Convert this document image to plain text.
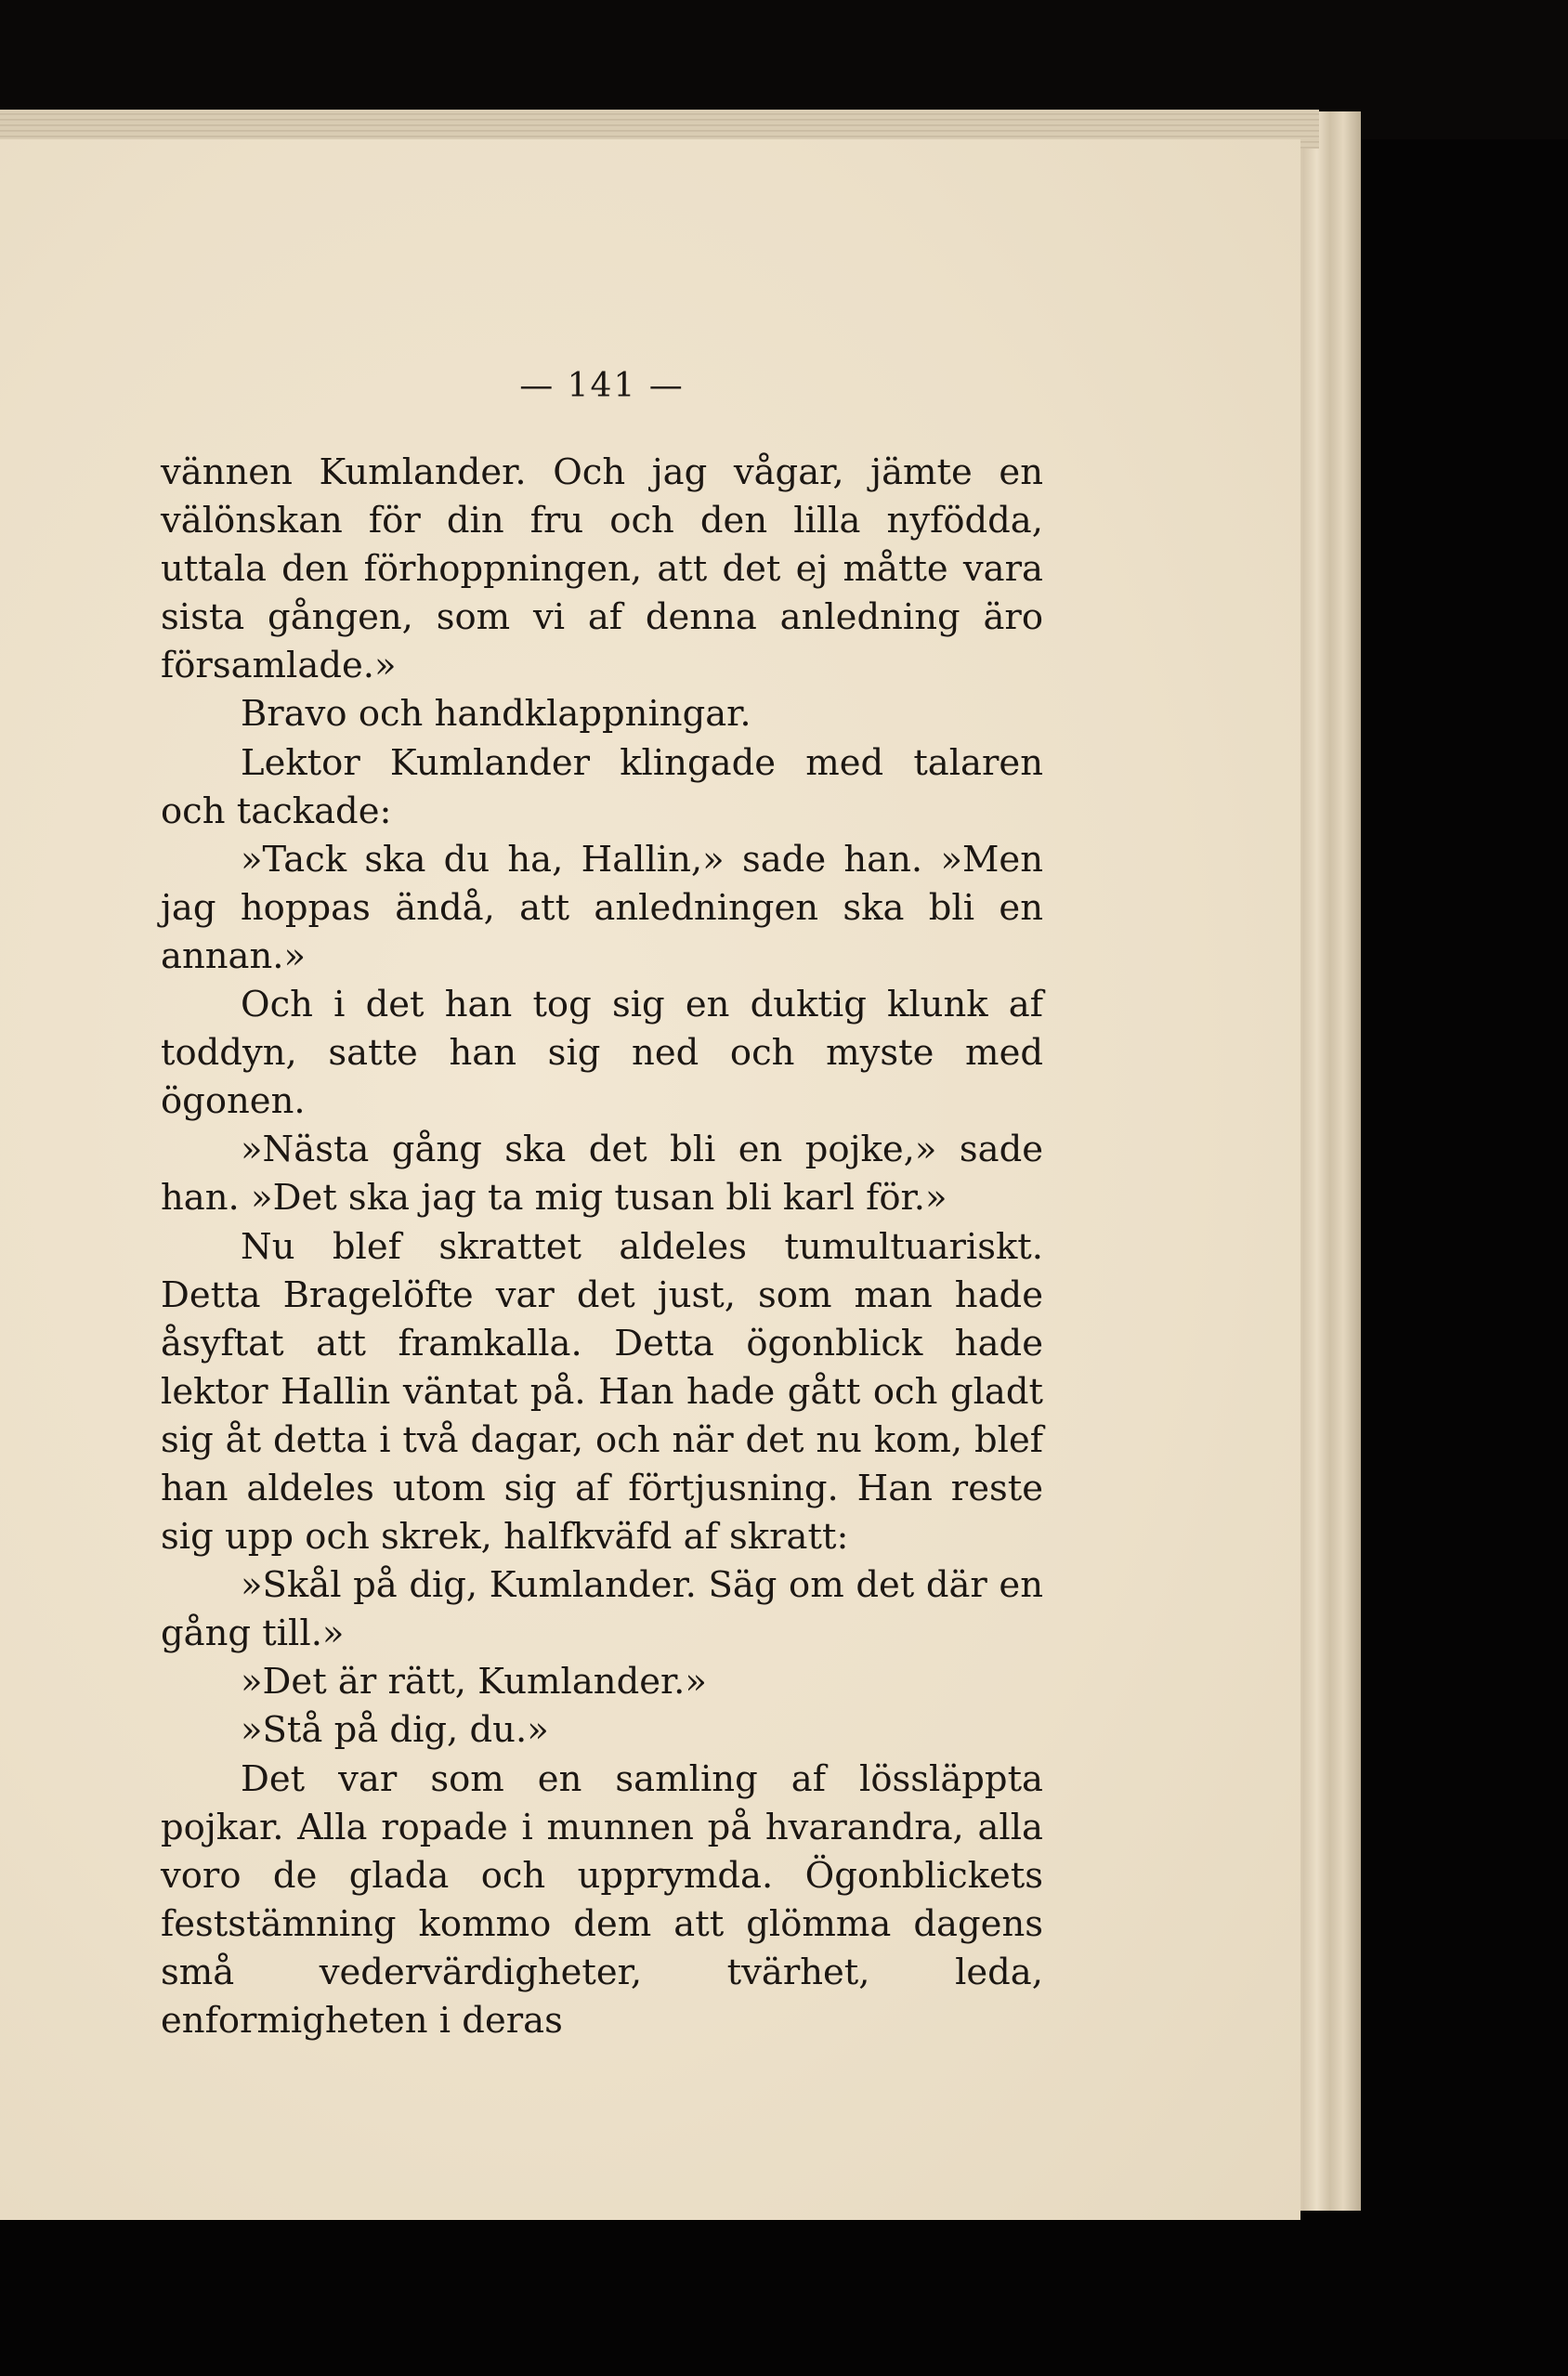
— 141 —

vännen Kumlander. Och jag vågar, jämte en välönskan för din fru och den lilla nyfödda, uttala den förhoppningen, att det ej måtte vara sista gången, som vi af denna anledning äro församlade.»

Bravo och handklappningar.

Lektor Kumlander klingade med talaren och tackade:

»Tack ska du ha, Hallin,» sade han. »Men jag hoppas ändå, att anledningen ska bli en annan.»

Och i det han tog sig en duktig klunk af toddyn, satte han sig ned och myste med ögonen.

»Nästa gång ska det bli en pojke,» sade han. »Det ska jag ta mig tusan bli karl för.»

Nu blef skrattet aldeles tumultuariskt. Detta Bragelöfte var det just, som man hade åsyftat att framkalla. Detta ögonblick hade lektor Hallin väntat på. Han hade gått och gladt sig åt detta i två dagar, och när det nu kom, blef han aldeles utom sig af förtjusning. Han reste sig upp och skrek, halfkväfd af skratt:

»Skål på dig, Kumlander. Säg om det där en gång till.»

»Det är rätt, Kumlander.»

»Stå på dig, du.»

Det var som en samling af lössläppta pojkar. Alla ropade i munnen på hvarandra, alla voro de glada och upprymda. Ögonblickets feststämning kommo dem att glömma dagens små vedervärdigheter, tvärhet, leda, enformigheten i deras
